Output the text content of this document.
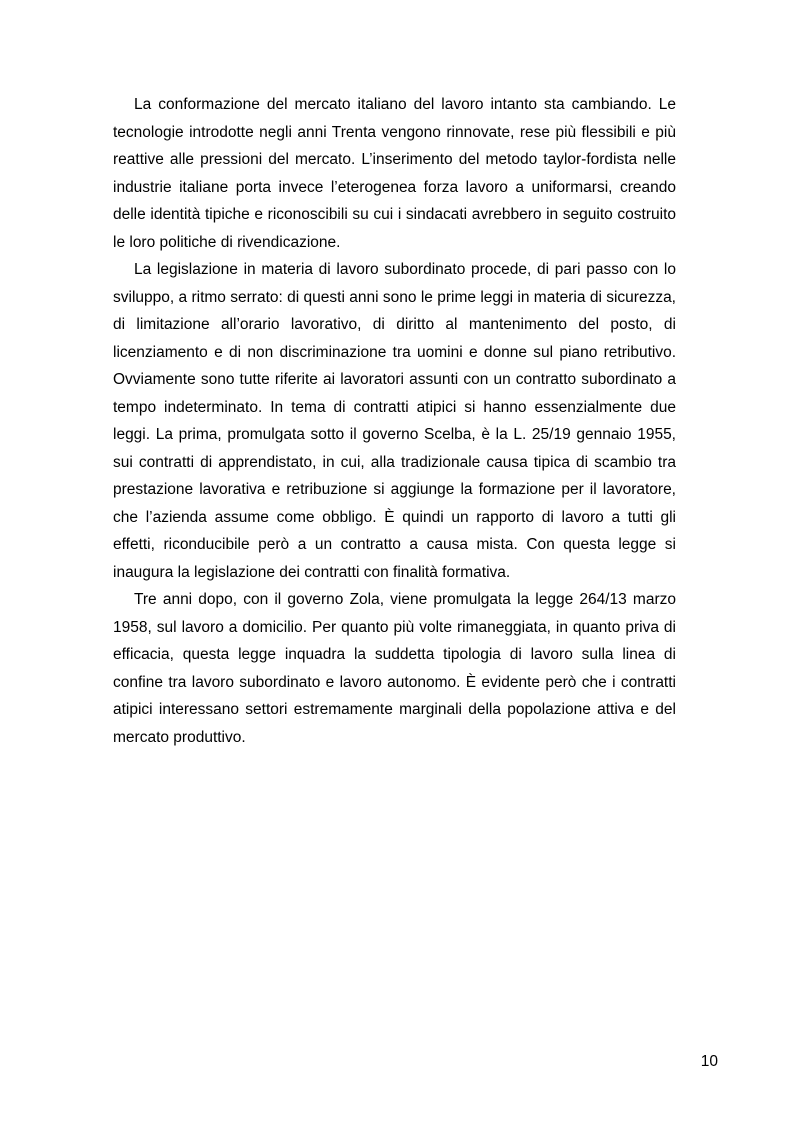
La conformazione del mercato italiano del lavoro intanto sta cambiando. Le tecnologie introdotte negli anni Trenta vengono rinnovate, rese più flessibili e più reattive alle pressioni del mercato. L’inserimento del metodo taylor-fordista nelle industrie italiane porta invece l’eterogenea forza lavoro a uniformarsi, creando delle identità tipiche e riconoscibili su cui i sindacati avrebbero in seguito costruito le loro politiche di rivendicazione.

La legislazione in materia di lavoro subordinato procede, di pari passo con lo sviluppo, a ritmo serrato: di questi anni sono le prime leggi in materia di sicurezza, di limitazione all’orario lavorativo, di diritto al mantenimento del posto, di licenziamento e di non discriminazione tra uomini e donne sul piano retributivo. Ovviamente sono tutte riferite ai lavoratori assunti con un contratto subordinato a tempo indeterminato. In tema di contratti atipici si hanno essenzialmente due leggi. La prima, promulgata sotto il governo Scelba, è la L. 25/19 gennaio 1955, sui contratti di apprendistato, in cui, alla tradizionale causa tipica di scambio tra prestazione lavorativa e retribuzione si aggiunge la formazione per il lavoratore, che l’azienda assume come obbligo. È quindi un rapporto di lavoro a tutti gli effetti, riconducibile però a un contratto a causa mista. Con questa legge si inaugura la legislazione dei contratti con finalità formativa.

Tre anni dopo, con il governo Zola, viene promulgata la legge 264/13 marzo 1958, sul lavoro a domicilio. Per quanto più volte rimaneggiata, in quanto priva di efficacia, questa legge inquadra la suddetta tipologia di lavoro sulla linea di confine tra lavoro subordinato e lavoro autonomo. È evidente però che i contratti atipici interessano settori estremamente marginali della popolazione attiva e del mercato produttivo.

10
